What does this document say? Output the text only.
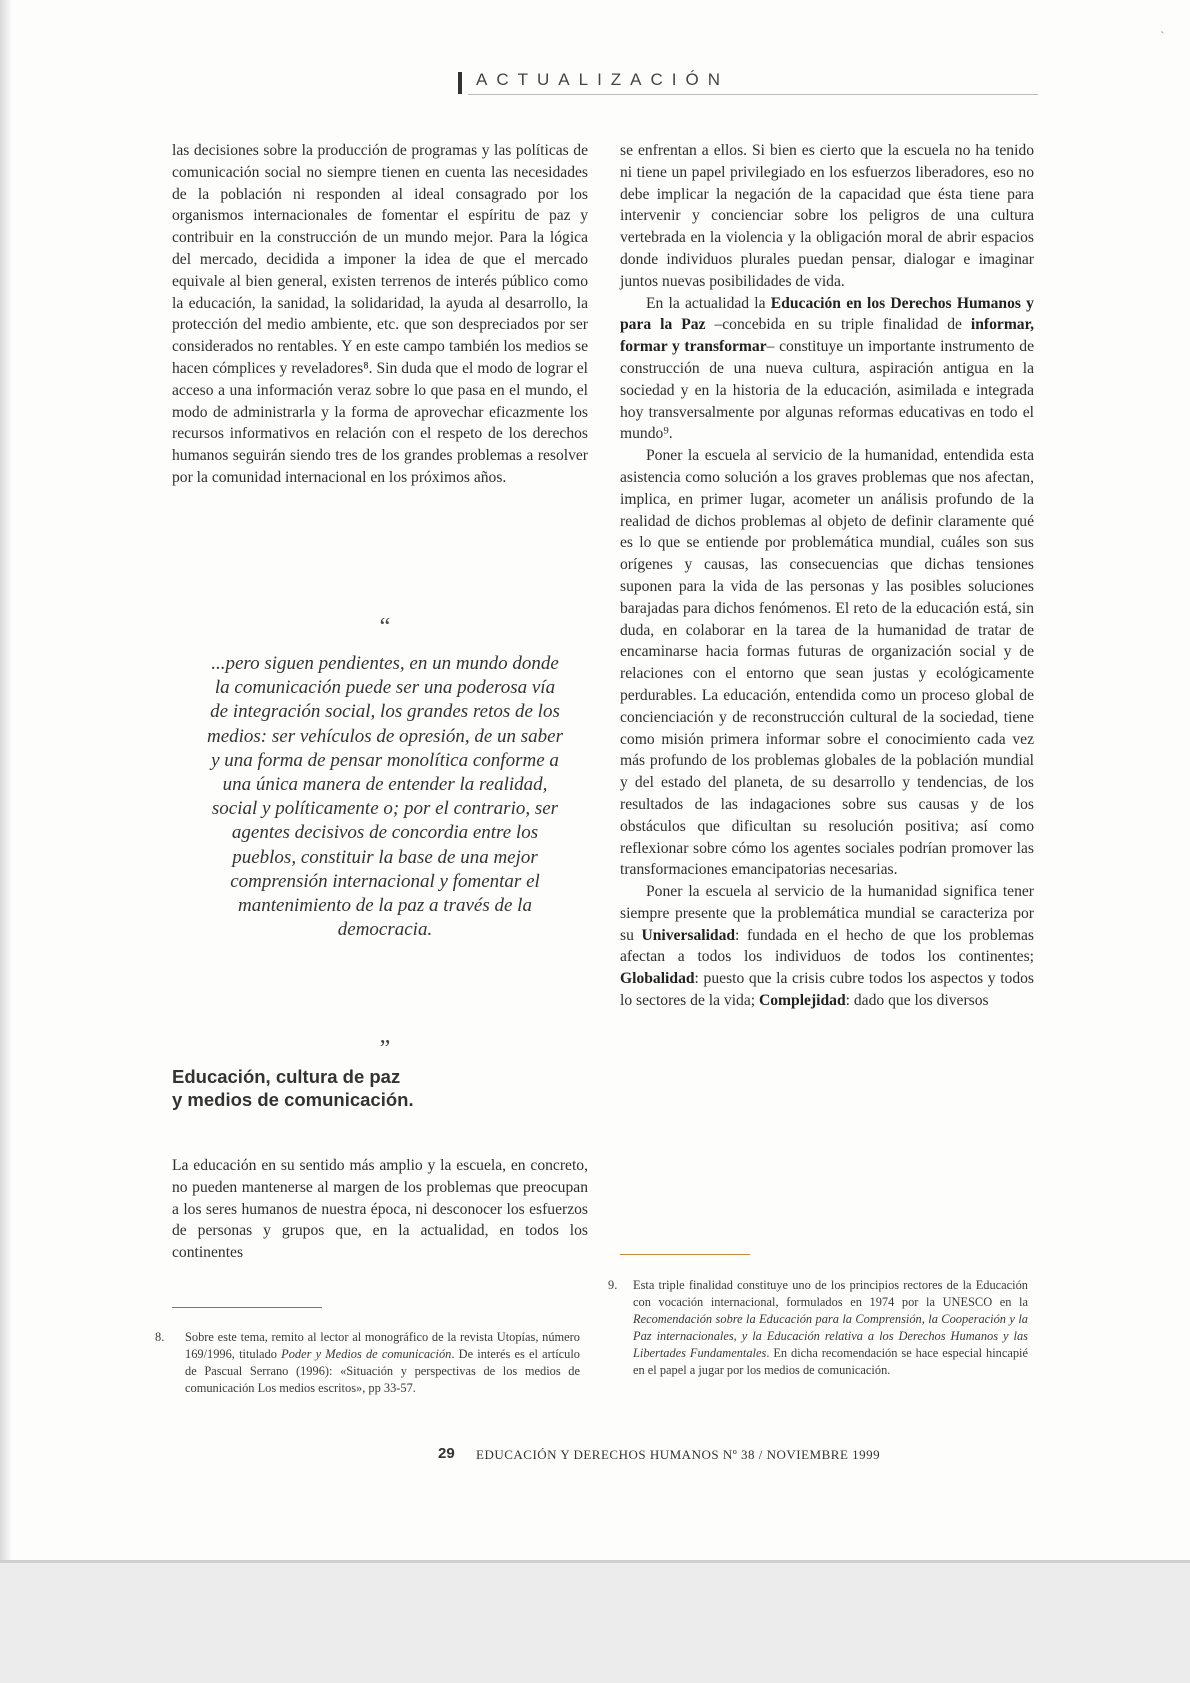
ˋ
ACTUALIZACIÓN

las decisiones sobre la producción de programas y las políticas de comunicación social no siempre tienen en cuenta las necesidades de la población ni responden al ideal consagrado por los organismos internacionales de fomentar el espíritu de paz y contribuir en la construcción de un mundo mejor. Para la lógica del mercado, decidida a imponer la idea de que el mercado equivale al bien general, existen terrenos de interés público como la educación, la sanidad, la solidaridad, la ayuda al desarrollo, la protección del medio ambiente, etc. que son despreciados por ser considerados no rentables. Y en este campo también los medios se hacen cómplices y reveladores⁸. Sin duda que el modo de lograr el acceso a una información veraz sobre lo que pasa en el mundo, el modo de administrarla y la forma de aprovechar eficazmente los recursos informativos en relación con el respeto de los derechos humanos seguirán siendo tres de los grandes problemas a resolver por la comunidad internacional en los próximos años.

“
...pero siguen pendientes, en un mundo donde la comunicación puede ser una poderosa vía de integración social, los grandes retos de los medios: ser vehículos de opresión, de un saber y una forma de pensar monolítica conforme a una única manera de entender la realidad, social y políticamente o; por el contrario, ser agentes decisivos de concordia entre los pueblos, constituir la base de una mejor comprensión internacional y fomentar el mantenimiento de la paz a través de la democracia.
”
Educación, cultura de paz
y medios de comunicación.
La educación en su sentido más amplio y la escuela, en concreto, no pueden mantenerse al margen de los problemas que preocupan a los seres humanos de nuestra época, ni desconocer los esfuerzos de personas y grupos que, en la actualidad, en todos los continentes

se enfrentan a ellos. Si bien es cierto que la escuela no ha tenido ni tiene un papel privilegiado en los esfuerzos liberadores, eso no debe implicar la negación de la capacidad que ésta tiene para intervenir y concienciar sobre los peligros de una cultura vertebrada en la violencia y la obligación moral de abrir espacios donde individuos plurales puedan pensar, dialogar e imaginar juntos nuevas posibilidades de vida.

En la actualidad la Educación en los Derechos Humanos y para la Paz –concebida en su triple finalidad de informar, formar y transformar– constituye un importante instrumento de construcción de una nueva cultura, aspiración antigua en la sociedad y en la historia de la educación, asimilada e integrada hoy transversalmente por algunas reformas educativas en todo el mundo⁹.

Poner la escuela al servicio de la humanidad, entendida esta asistencia como solución a los graves problemas que nos afectan, implica, en primer lugar, acometer un análisis profundo de la realidad de dichos problemas al objeto de definir claramente qué es lo que se entiende por problemática mundial, cuáles son sus orígenes y causas, las consecuencias que dichas tensiones suponen para la vida de las personas y las posibles soluciones barajadas para dichos fenómenos. El reto de la educación está, sin duda, en colaborar en la tarea de la humanidad de tratar de encaminarse hacia formas futuras de organización social y de relaciones con el entorno que sean justas y ecológicamente perdurables. La educación, entendida como un proceso global de concienciación y de reconstrucción cultural de la sociedad, tiene como misión primera informar sobre el conocimiento cada vez más profundo de los problemas globales de la población mundial y del estado del planeta, de su desarrollo y tendencias, de los resultados de las indagaciones sobre sus causas y de los obstáculos que dificultan su resolución positiva; así como reflexionar sobre cómo los agentes sociales podrían promover las transformaciones emancipatorias necesarias.

Poner la escuela al servicio de la humanidad significa tener siempre presente que la problemática mundial se caracteriza por su Universalidad: fundada en el hecho de que los problemas afectan a todos los individuos de todos los continentes; Globalidad: puesto que la crisis cubre todos los aspectos y todos lo sectores de la vida; Complejidad: dado que los diversos

8. Sobre este tema, remito al lector al monográfico de la revista Utopías, número 169/1996, titulado Poder y Medios de comunicación. De interés es el artículo de Pascual Serrano (1996): «Situación y perspectivas de los medios de comunicación Los medios escritos», pp 33-57.
9. Esta triple finalidad constituye uno de los principios rectores de la Educación con vocación internacional, formulados en 1974 por la UNESCO en la Recomendación sobre la Educación para la Comprensión, la Cooperación y la Paz internacionales, y la Educación relativa a los Derechos Humanos y las Libertades Fundamentales. En dicha recomendación se hace especial hincapié en el papel a jugar por los medios de comunicación.
29 EDUCACIÓN Y DERECHOS HUMANOS Nº 38 / NOVIEMBRE 1999
